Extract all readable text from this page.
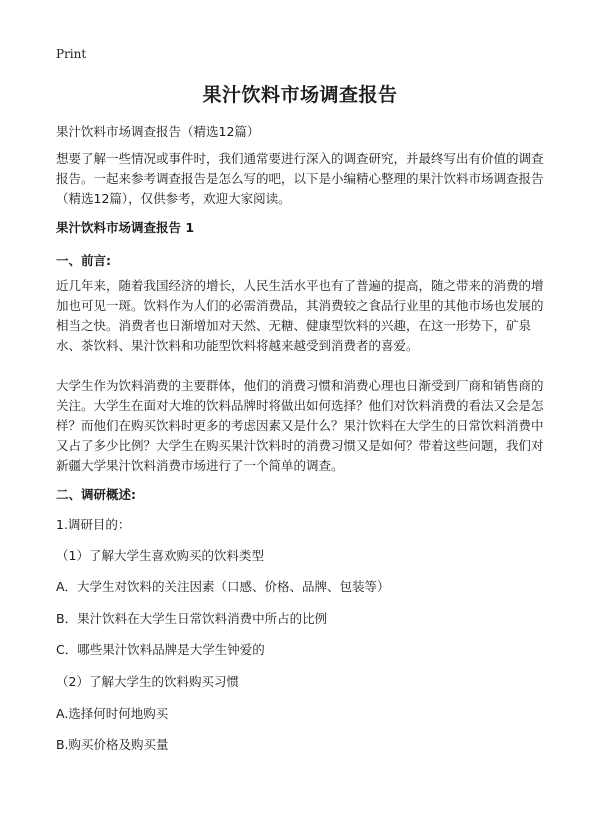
Print
果汁饮料市场调查报告
果汁饮料市场调查报告（精选12篇）

想要了解一些情况或事件时，我们通常要进行深入的调查研究，并最终写出有价值的调查报告。一起来参考调查报告是怎么写的吧，以下是小编精心整理的果汁饮料市场调查报告（精选12篇），仅供参考，欢迎大家阅读。

果汁饮料市场调查报告 1
一、前言:

近几年来，随着我国经济的增长，人民生活水平也有了普遍的提高，随之带来的消费的增加也可见一斑。饮料作为人们的必需消费品，其消费较之食品行业里的其他市场也发展的相当之快。消费者也日渐增加对天然、无糖、健康型饮料的兴趣，在这一形势下，矿泉水、茶饮料、果汁饮料和功能型饮料将越来越受到消费者的喜爱。

大学生作为饮料消费的主要群体，他们的消费习惯和消费心理也日渐受到厂商和销售商的关注。大学生在面对大堆的饮料品牌时将做出如何选择？他们对饮料消费的看法又会是怎样？而他们在购买饮料时更多的考虑因素又是什么？果汁饮料在大学生的日常饮料消费中又占了多少比例？大学生在购买果汁饮料时的消费习惯又是如何？带着这些问题，我们对新疆大学果汁饮料消费市场进行了一个简单的调查。

二、调研概述:
1.调研目的：
（1）了解大学生喜欢购买的饮料类型
A．大学生对饮料的关注因素（口感、价格、品牌、包装等）
B．果汁饮料在大学生日常饮料消费中所占的比例
C．哪些果汁饮料品牌是大学生钟爱的
（2）了解大学生的饮料购买习惯
A.选择何时何地购买
B.购买价格及购买量
